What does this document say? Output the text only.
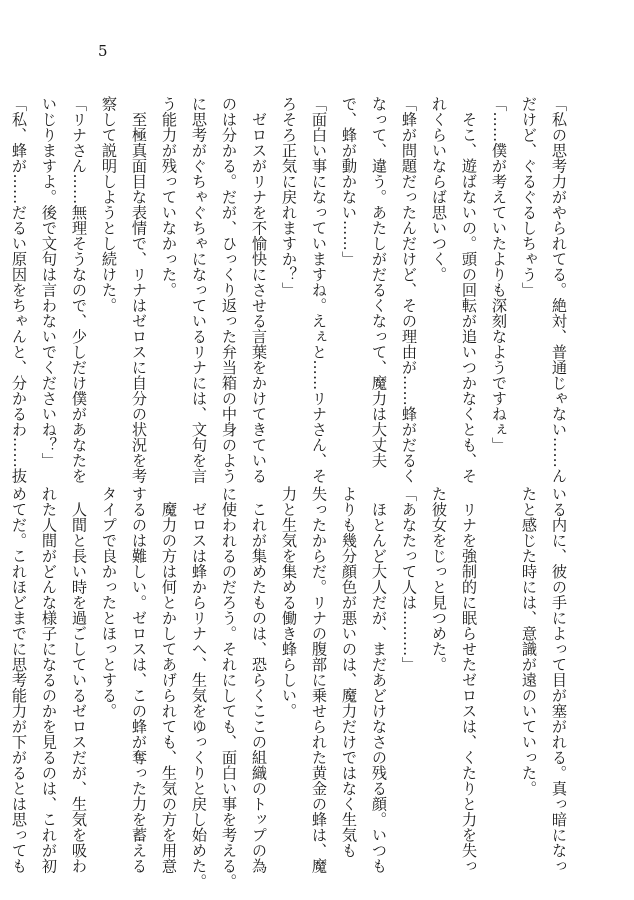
5
「私の思考力がやられてる。絶対、普通じゃない……ん
だけど、ぐるぐるしちゃう」
「……僕が考えていたよりも深刻なようですねぇ」
　そこ、遊ばないの。頭の回転が追いつかなくとも、そ
れくらいならば思いつく。
「蜂が問題だったんだけど、その理由が……蜂がだるく
なって、違う。あたしがだるくなって、魔力は大丈夫
で、蜂が動かない……」
「面白い事になっていますね。えぇと……リナさん、そ
ろそろ正気に戻れますか？」
　ゼロスがリナを不愉快にさせる言葉をかけてきている
のは分かる。だが、ひっくり返った弁当箱の中身のよう
に思考がぐちゃぐちゃになっているリナには、文句を言
う能力が残っていなかった。
　至極真面目な表情で、リナはゼロスに自分の状況を考
察して説明しようとし続けた。
「リナさん……無理そうなので、少しだけ僕があなたを
いじりますよ。後で文句は言わないでくださいね？」
「私、蜂が……だるい原因をちゃんと、分かるわ……抜
いる内に、彼の手によって目が塞がれる。真っ暗になっ
たと感じた時には、意識が遠のいていった。

　リナを強制的に眠らせたゼロスは、くたりと力を失っ
た彼女をじっと見つめた。
「あなたって人は………」
　ほとんど大人だが、まだあどけなさの残る顔。いつも
よりも幾分顔色が悪いのは、魔力だけではなく生気も
失ったからだ。リナの腹部に乗せられた黄金の蜂は、魔
力と生気を集める働き蜂らしい。
　これが集めたものは、恐らくここの組織のトップの為
に使われるのだろう。それにしても、面白い事を考える。
　ゼロスは蜂からリナへ、生気をゆっくりと戻し始めた。
　魔力の方は何とかしてあげられても、生気の方を用意
するのは難しい。ゼロスは、この蜂が奪った力を蓄える
タイプで良かったとほっとする。
　人間と長い時を過ごしているゼロスだが、生気を吸わ
れた人間がどんな様子になるのかを見るのは、これが初
めてだ。これほどまでに思考能力が下がるとは思っても
